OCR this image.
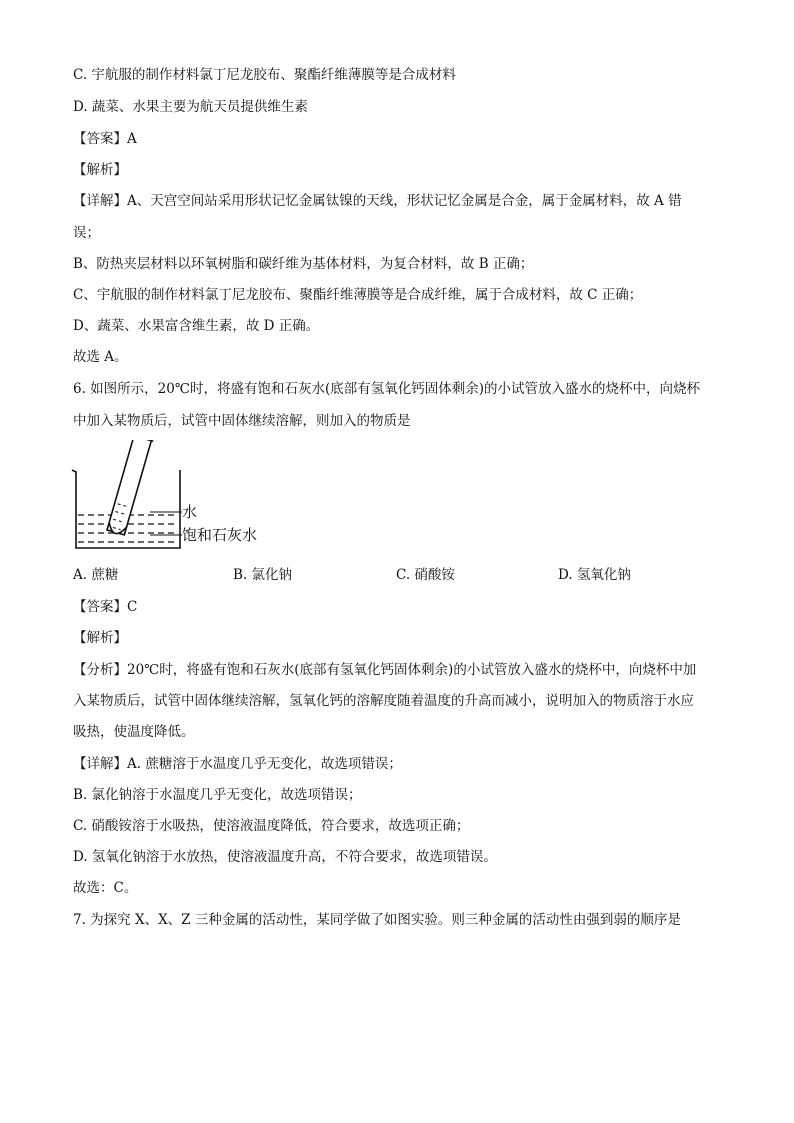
C. 宇航服的制作材料氯丁尼龙胶布、聚酯纤维薄膜等是合成材料
D. 蔬菜、水果主要为航天员提供维生素
【答案】A
【解析】
【详解】A、天宫空间站采用形状记忆金属钛镍的天线，形状记忆金属是合金，属于金属材料，故 A 错
误；
B、防热夹层材料以环氧树脂和碳纤维为基体材料，为复合材料，故 B 正确；
C、宇航服的制作材料氯丁尼龙胶布、聚酯纤维薄膜等是合成纤维，属于合成材料，故 C 正确；
D、蔬菜、水果富含维生素，故 D 正确。
故选 A。
6. 如图所示，20℃时，将盛有饱和石灰水(底部有氢氧化钙固体剩余)的小试管放入盛水的烧杯中，向烧杯
中加入某物质后，试管中固体继续溶解，则加入的物质是
水
饱和石灰水
A. 蔗糖	B. 氯化钠	C. 硝酸铵	D. 氢氧化钠
【答案】C
【解析】
【分析】20℃时，将盛有饱和石灰水(底部有氢氧化钙固体剩余)的小试管放入盛水的烧杯中，向烧杯中加
入某物质后，试管中固体继续溶解，氢氧化钙的溶解度随着温度的升高而减小，说明加入的物质溶于水应
吸热，使温度降低。
【详解】A. 蔗糖溶于水温度几乎无变化，故选项错误；
B. 氯化钠溶于水温度几乎无变化，故选项错误；
C. 硝酸铵溶于水吸热，使溶液温度降低，符合要求，故选项正确；
D. 氢氧化钠溶于水放热，使溶液温度升高，不符合要求，故选项错误。
故选：C。
7. 为探究 X、X、Z 三种金属的活动性，某同学做了如图实验。则三种金属的活动性由强到弱的顺序是
